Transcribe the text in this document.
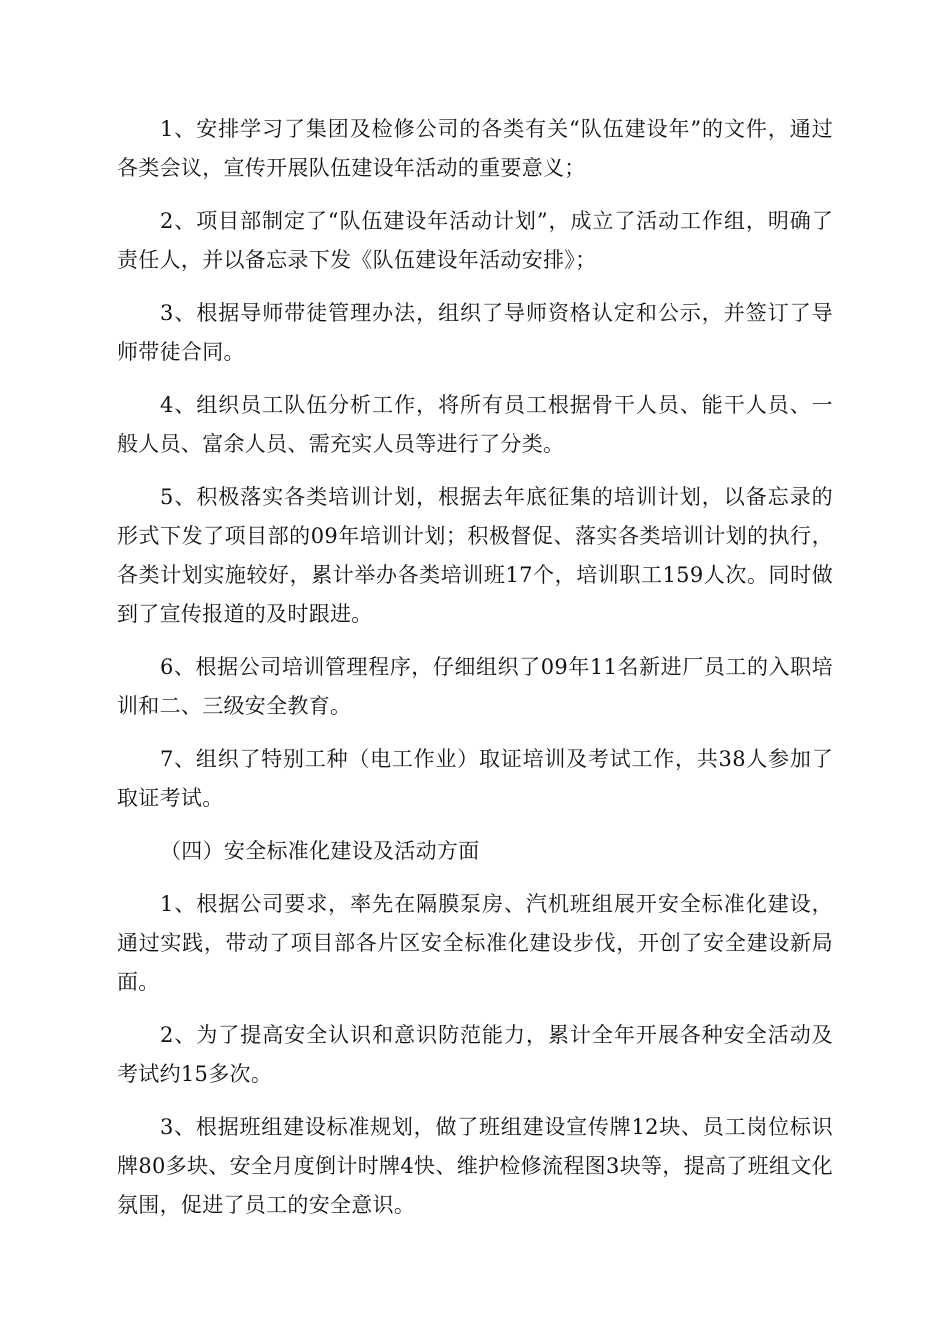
1、安排学习了集团及检修公司的各类有关“队伍建设年”的文件，通过各类会议，宣传开展队伍建设年活动的重要意义；

2、项目部制定了“队伍建设年活动计划”，成立了活动工作组，明确了责任人，并以备忘录下发《队伍建设年活动安排》；

3、根据导师带徒管理办法，组织了导师资格认定和公示，并签订了导师带徒合同。

4、组织员工队伍分析工作，将所有员工根据骨干人员、能干人员、一般人员、富余人员、需充实人员等进行了分类。

5、积极落实各类培训计划，根据去年底征集的培训计划，以备忘录的形式下发了项目部的09年培训计划；积极督促、落实各类培训计划的执行，各类计划实施较好，累计举办各类培训班17个，培训职工159人次。同时做到了宣传报道的及时跟进。

6、根据公司培训管理程序，仔细组织了09年11名新进厂员工的入职培训和二、三级安全教育。

7、组织了特别工种（电工作业）取证培训及考试工作，共38人参加了取证考试。

（四）安全标准化建设及活动方面

1、根据公司要求，率先在隔膜泵房、汽机班组展开安全标准化建设，通过实践，带动了项目部各片区安全标准化建设步伐，开创了安全建设新局面。

2、为了提高安全认识和意识防范能力，累计全年开展各种安全活动及考试约15多次。

3、根据班组建设标准规划，做了班组建设宣传牌12块、员工岗位标识牌80多块、安全月度倒计时牌4快、维护检修流程图3块等，提高了班组文化氛围，促进了员工的安全意识。
